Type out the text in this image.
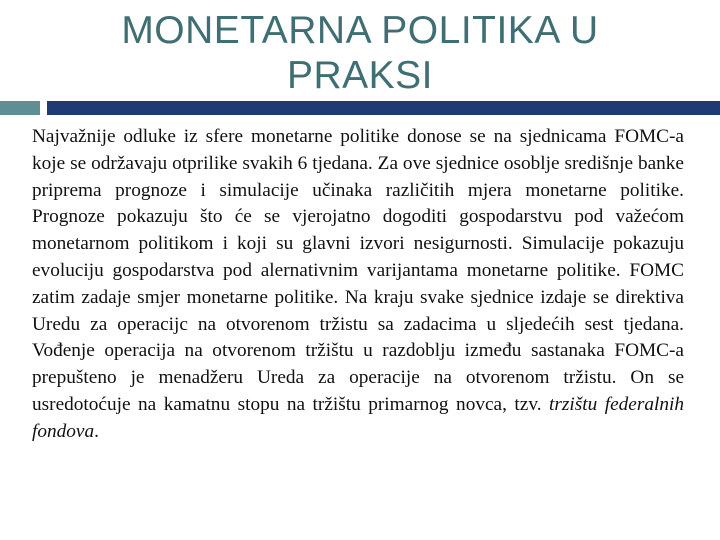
MONETARNA POLITIKA U PRAKSI

Najvažnije odluke iz sfere monetarne politike donose se na sjednicama FOMC-a koje se održavaju otprilike svakih 6 tjedana. Za ove sjednice osoblje središnje banke priprema prognoze i simulacije učinaka različitih mjera monetarne politike. Prognoze pokazuju što će se vjerojatno dogoditi gospodarstvu pod važećom monetarnom politikom i koji su glavni izvori nesigurnosti. Simulacije pokazuju evoluciju gospodarstva pod alernativnim varijantama monetarne politike. FOMC zatim zadaje smjer monetarne politike. Na kraju svake sjednice izdaje se direktiva Uredu za operacijc na otvorenom tržistu sa zadacima u sljedećih sest tjedana. Vođenje operacija na otvorenom tržištu u razdoblju između sastanaka FOMC-a prepušteno je menadžeru Ureda za operacije na otvorenom tržistu. On se usredotoćuje na kamatnu stopu na tržištu primarnog novca, tzv. trzištu federalnih fondova.
